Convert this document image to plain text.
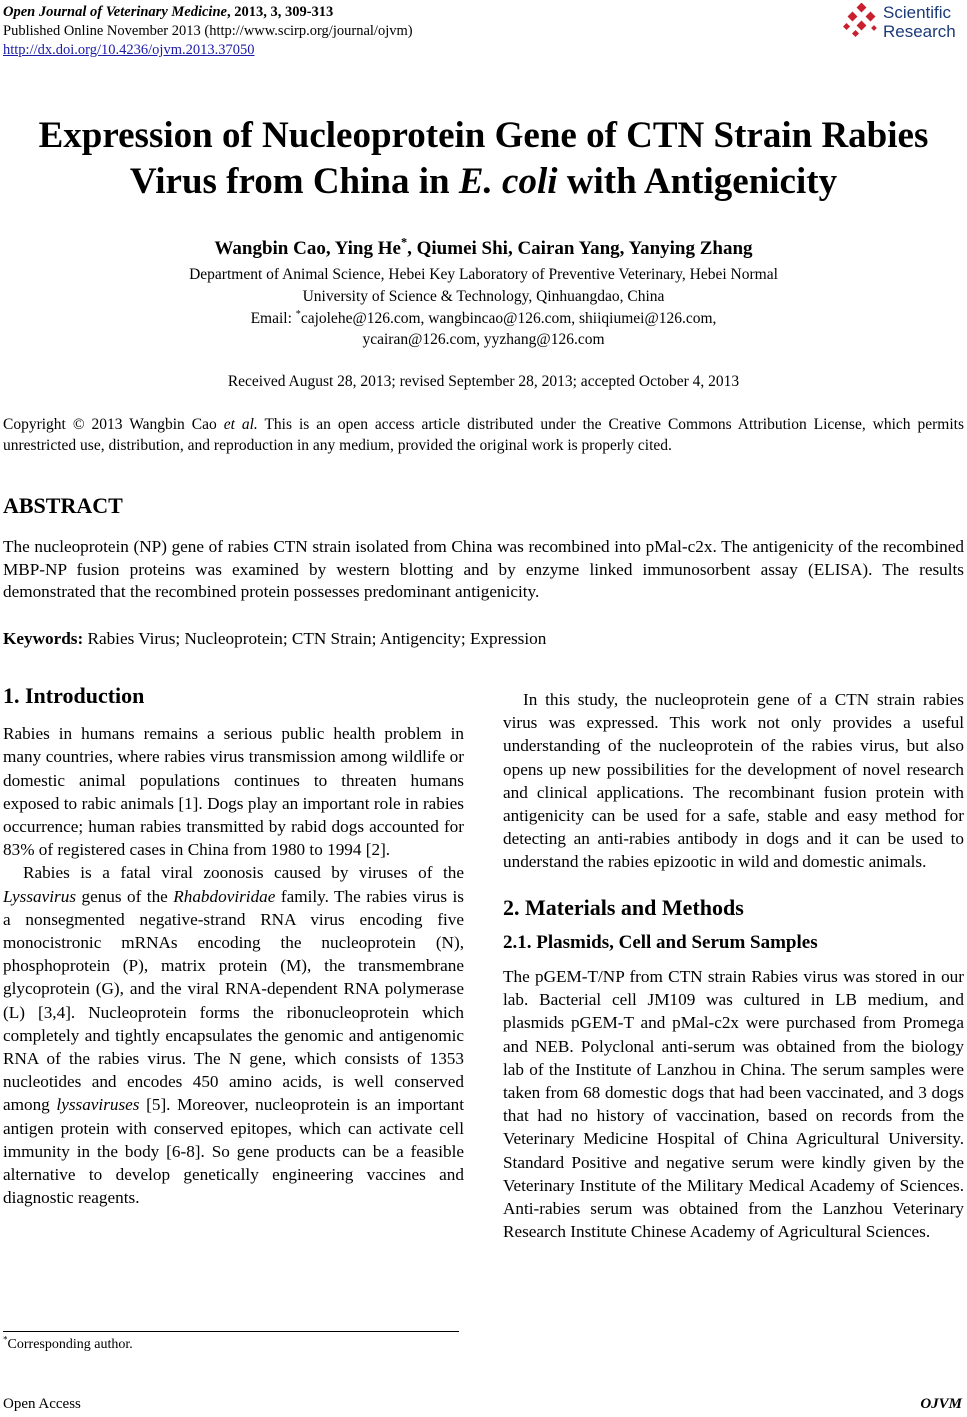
Open Journal of Veterinary Medicine, 2013, 3, 309-313
Published Online November 2013 (http://www.scirp.org/journal/ojvm)
http://dx.doi.org/10.4236/ojvm.2013.37050
Scientific
Research
Expression of Nucleoprotein Gene of CTN Strain Rabies
Virus from China in E. coli with Antigenicity
Wangbin Cao, Ying He*, Qiumei Shi, Cairan Yang, Yanying Zhang
Department of Animal Science, Hebei Key Laboratory of Preventive Veterinary, Hebei Normal
University of Science & Technology, Qinhuangdao, China
Email: *cajolehe@126.com, wangbincao@126.com, shiiqiumei@126.com,
ycairan@126.com, yyzhang@126.com
Received August 28, 2013; revised September 28, 2013; accepted October 4, 2013
Copyright © 2013 Wangbin Cao et al. This is an open access article distributed under the Creative Commons Attribution License, which permits unrestricted use, distribution, and reproduction in any medium, provided the original work is properly cited.
ABSTRACT
The nucleoprotein (NP) gene of rabies CTN strain isolated from China was recombined into pMal-c2x. The antigenicity of the recombined MBP-NP fusion proteins was examined by western blotting and by enzyme linked immunosorbent assay (ELISA). The results demonstrated that the recombined protein possesses predominant antigenicity.
Keywords: Rabies Virus; Nucleoprotein; CTN Strain; Antigencity; Expression
1. Introduction

Rabies in humans remains a serious public health problem in many countries, where rabies virus transmission among wildlife or domestic animal populations continues to threaten humans exposed to rabic animals [1]. Dogs play an important role in rabies occurrence; human rabies transmitted by rabid dogs accounted for 83% of registered cases in China from 1980 to 1994 [2].

Rabies is a fatal viral zoonosis caused by viruses of the Lyssavirus genus of the Rhabdoviridae family. The rabies virus is a nonsegmented negative-strand RNA virus encoding five monocistronic mRNAs encoding the nucleoprotein (N), phosphoprotein (P), matrix protein (M), the transmembrane glycoprotein (G), and the viral RNA-dependent RNA polymerase (L) [3,4]. Nucleoprotein forms the ribonucleoprotein which completely and tightly encapsulates the genomic and antigenomic RNA of the rabies virus. The N gene, which consists of 1353 nucleotides and encodes 450 amino acids, is well conserved among lyssaviruses [5]. Moreover, nucleoprotein is an important antigen protein with conserved epitopes, which can activate cell immunity in the body [6-8]. So gene products can be a feasible alternative to develop genetically engineering vaccines and diagnostic reagents.

*Corresponding author.

In this study, the nucleoprotein gene of a CTN strain rabies virus was expressed. This work not only provides a useful understanding of the nucleoprotein of the rabies virus, but also opens up new possibilities for the development of novel research and clinical applications. The recombinant fusion protein with antigenicity can be used for a safe, stable and easy method for detecting an anti-rabies antibody in dogs and it can be used to understand the rabies epizootic in wild and domestic animals.

2. Materials and Methods
2.1. Plasmids, Cell and Serum Samples

The pGEM-T/NP from CTN strain Rabies virus was stored in our lab. Bacterial cell JM109 was cultured in LB medium, and plasmids pGEM-T and pMal-c2x were purchased from Promega and NEB. Polyclonal anti-serum was obtained from the biology lab of the Institute of Lanzhou in China. The serum samples were taken from 68 domestic dogs that had been vaccinated, and 3 dogs that had no history of vaccination, based on records from the Veterinary Medicine Hospital of China Agricultural University. Standard Positive and negative serum were kindly given by the Veterinary Institute of the Military Medical Academy of Sciences. Anti-rabies serum was obtained from the Lanzhou Veterinary Research Institute Chinese Academy of Agricultural Sciences.

Open Access	OJVM
